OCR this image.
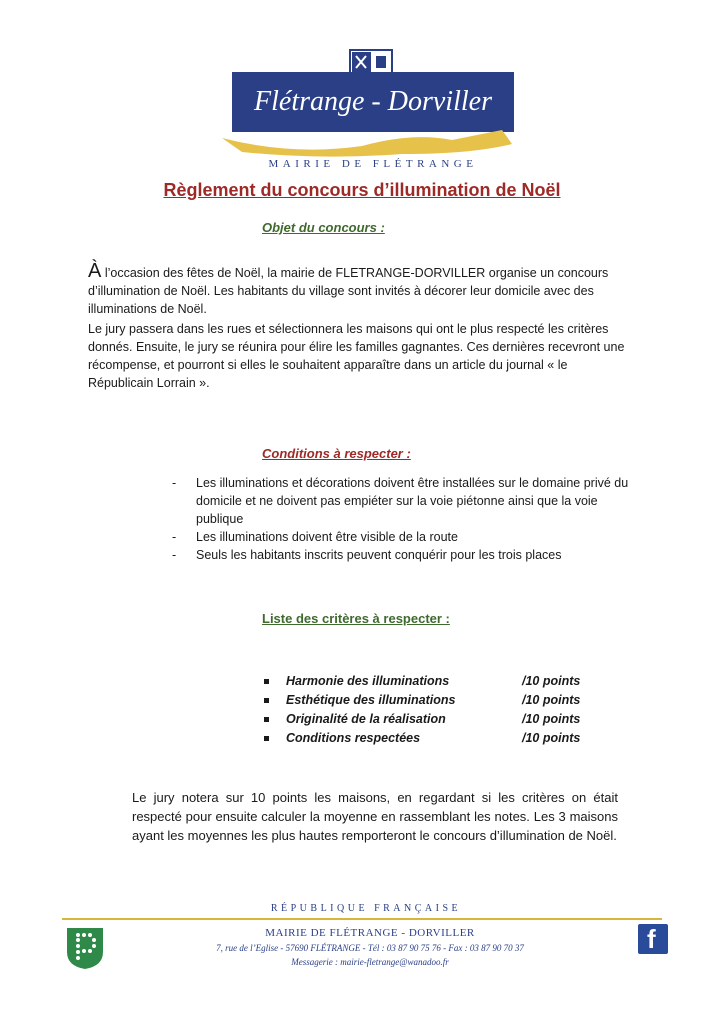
Flétrange - Dorviller
MAIRIE DE FLÉTRANGE
Règlement du concours d’illumination de Noël
Objet du concours :

À l’occasion des fêtes de Noël, la mairie de FLETRANGE-DORVILLER organise un concours d’illumination de Noël. Les habitants du village sont invités à décorer leur domicile avec des illuminations de Noël.

Le jury passera dans les rues et sélectionnera les maisons qui ont le plus respecté les critères donnés. Ensuite, le jury se réunira pour élire les familles gagnantes. Ces dernières recevront une récompense, et pourront si elles le souhaitent apparaître dans un article du journal « le Républicain Lorrain ».

Conditions à respecter :
- Les illuminations et décorations doivent être installées sur le domaine privé du domicile et ne doivent pas empiéter sur la voie piétonne ainsi que la voie publique
- Les illuminations doivent être visible de la route
- Seuls les habitants inscrits peuvent conquérir pour les trois places
Liste des critères à respecter :
Harmonie des illuminations	/10 points
Esthétique des illuminations	/10 points
Originalité de la réalisation	/10 points
Conditions respectées	/10 points
Le jury notera sur 10 points les maisons, en regardant si les critères on était respecté pour ensuite calculer la moyenne en rassemblant les notes. Les 3 maisons ayant les moyennes les plus hautes remporteront le concours d’illumination de Noël.
RÉPUBLIQUE FRANÇAISE
MAIRIE DE FLÉTRANGE - DORVILLER
7, rue de l’Eglise - 57690 FLÉTRANGE - Tél : 03 87 90 75 76 - Fax : 03 87 90 70 37
Messagerie : mairie-fletrange@wanadoo.fr
f
